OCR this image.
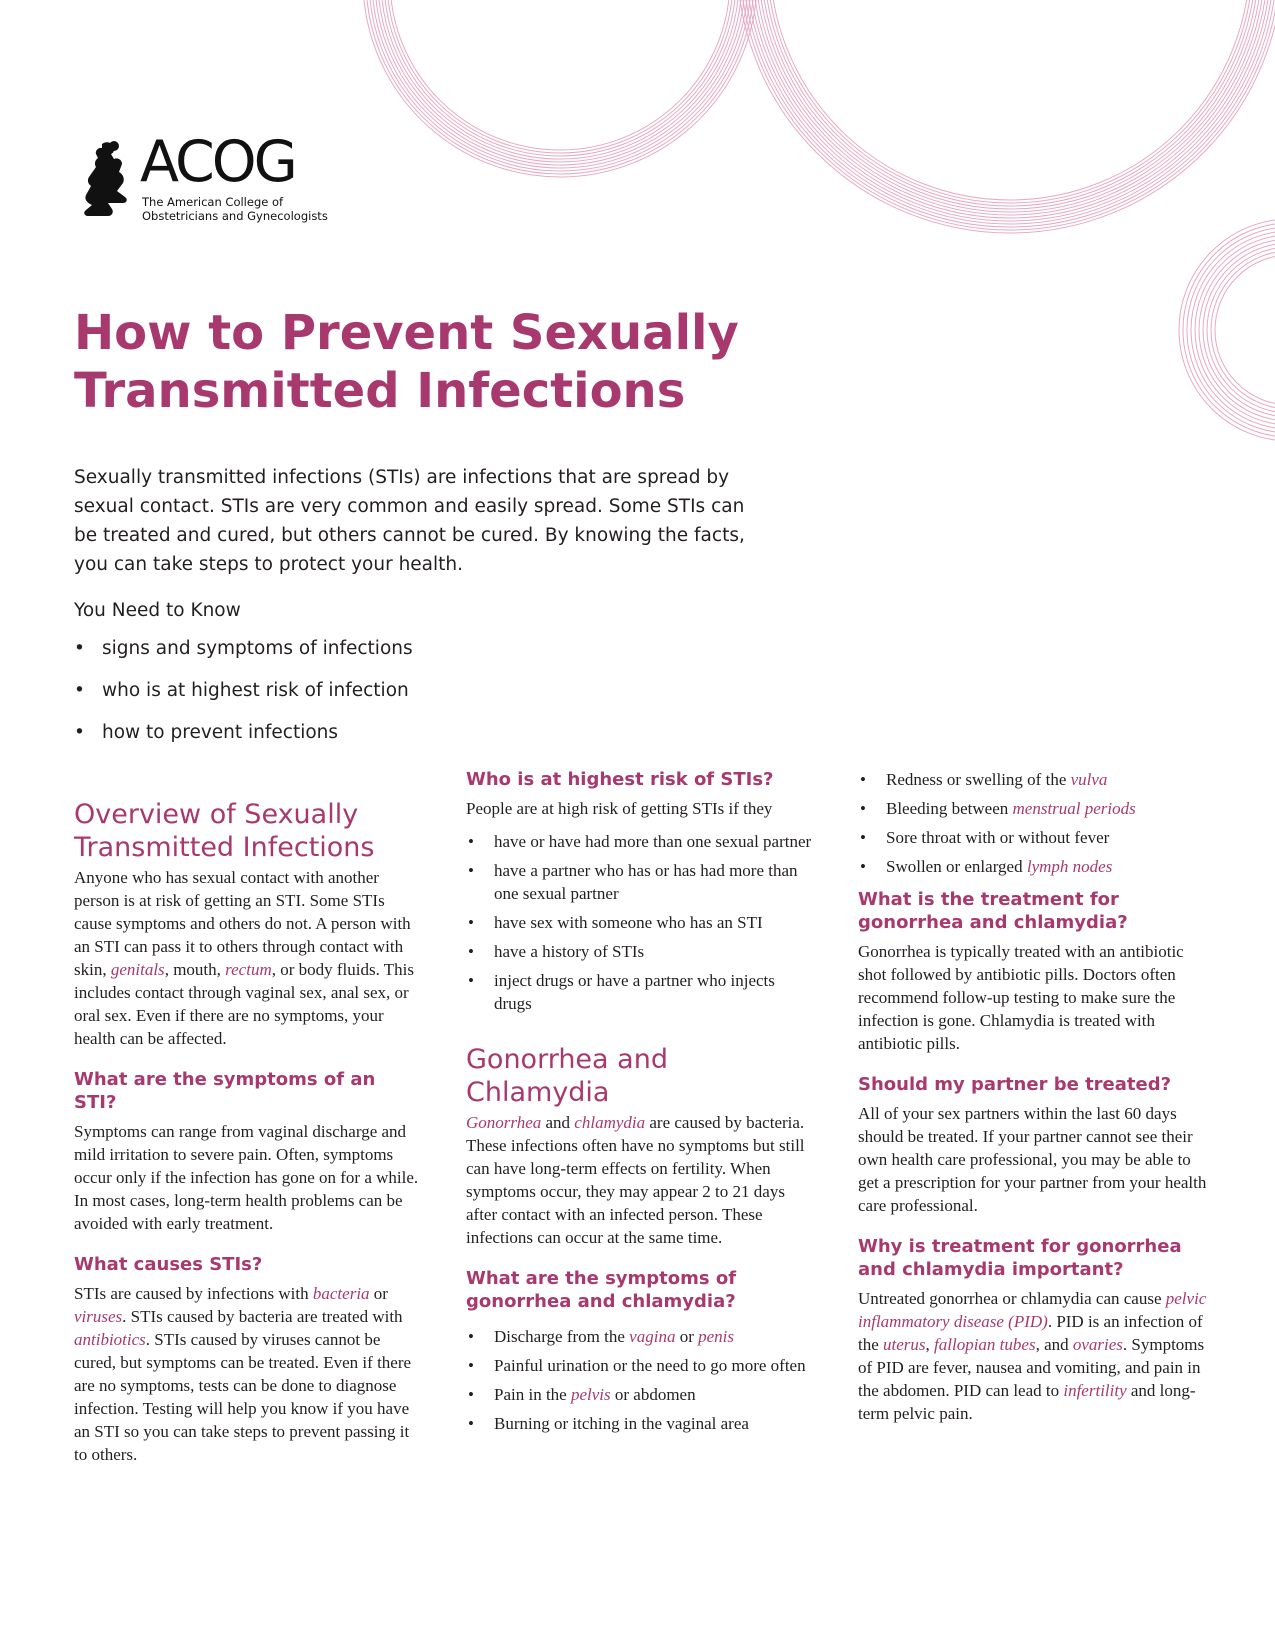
ACOG
The American College of
Obstetricians and Gynecologists
How to Prevent Sexually
Transmitted Infections

Sexually transmitted infections (STIs) are infections that are spread by sexual contact. STIs are very common and easily spread. Some STIs can be treated and cured, but others cannot be cured. By knowing the facts, you can take steps to protect your health.

You Need to Know

• signs and symptoms of infections
• who is at highest risk of infection
• how to prevent infections
Overview of Sexually Transmitted Infections

Anyone who has sexual contact with another person is at risk of getting an STI. Some STIs cause symptoms and others do not. A person with an STI can pass it to others through contact with skin, genitals, mouth, rectum, or body fluids. This includes contact through vaginal sex, anal sex, or oral sex. Even if there are no symptoms, your health can be affected.

What are the symptoms of an STI?

Symptoms can range from vaginal discharge and mild irritation to severe pain. Often, symptoms occur only if the infection has gone on for a while. In most cases, long-term health problems can be avoided with early treatment.

What causes STIs?

STIs are caused by infections with bacteria or viruses. STIs caused by bacteria are treated with antibiotics. STIs caused by viruses cannot be cured, but symptoms can be treated. Even if there are no symptoms, tests can be done to diagnose infection. Testing will help you know if you have an STI so you can take steps to prevent passing it to others.

Who is at highest risk of STIs?

People are at high risk of getting STIs if they

• have or have had more than one sexual partner
• have a partner who has or has had more than one sexual partner
• have sex with someone who has an STI
• have a history of STIs
• inject drugs or have a partner who injects drugs
Gonorrhea and Chlamydia

Gonorrhea and chlamydia are caused by bacteria. These infections often have no symptoms but still can have long-term effects on fertility. When symptoms occur, they may appear 2 to 21 days after contact with an infected person. These infections can occur at the same time.

What are the symptoms of gonorrhea and chlamydia?
• Discharge from the vagina or penis
• Painful urination or the need to go more often
• Pain in the pelvis or abdomen
• Burning or itching in the vaginal area
• Redness or swelling of the vulva
• Bleeding between menstrual periods
• Sore throat with or without fever
• Swollen or enlarged lymph nodes
What is the treatment for gonorrhea and chlamydia?

Gonorrhea is typically treated with an antibiotic shot followed by antibiotic pills. Doctors often recommend follow-up testing to make sure the infection is gone. Chlamydia is treated with antibiotic pills.

Should my partner be treated?

All of your sex partners within the last 60 days should be treated. If your partner cannot see their own health care professional, you may be able to get a prescription for your partner from your health care professional.

Why is treatment for gonorrhea and chlamydia important?

Untreated gonorrhea or chlamydia can cause pelvic inflammatory disease (PID). PID is an infection of the uterus, fallopian tubes, and ovaries. Symptoms of PID are fever, nausea and vomiting, and pain in the abdomen. PID can lead to infertility and long-term pelvic pain.
